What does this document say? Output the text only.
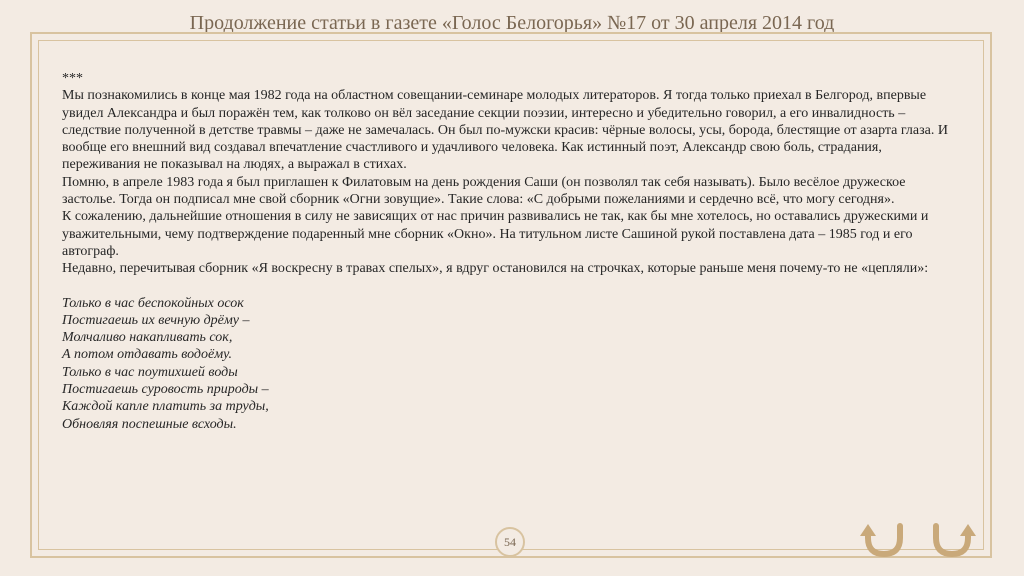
Продолжение статьи в газете «Голос Белогорья» №17 от 30 апреля 2014 год

***

Мы познакомились в конце мая 1982 года на областном совещании-семинаре молодых литераторов. Я тогда только приехал в Белгород, впервые увидел Александра и был поражён тем, как толково он вёл заседание секции поэзии, интересно и убедительно говорил, а его инвалидность – следствие полученной в детстве травмы – даже не замечалась. Он был по-мужски красив: чёрные волосы, усы, борода, блестящие от азарта глаза. И вообще его внешний вид создавал впечатление счастливого и удачливого человека. Как истинный поэт, Александр свою боль, страдания, переживания не показывал на людях, а выражал в стихах.

Помню, в апреле 1983 года я был приглашен к Филатовым на день рождения Саши (он позволял так себя называть). Было весёлое дружеское застолье. Тогда он подписал мне свой сборник «Огни зовущие». Такие слова: «С добрыми пожеланиями и сердечно всё, что могу сегодня».

К сожалению, дальнейшие отношения в силу не зависящих от нас причин развивались не так, как бы мне хотелось, но оставались дружескими и уважительными, чему подтверждение подаренный мне сборник «Окно». На титульном листе Сашиной рукой поставлена дата – 1985 год и его автограф.

Недавно, перечитывая сборник «Я воскресну в травах спелых», я вдруг остановился на строчках, которые раньше меня почему-то не «цепляли»:

Только в час беспокойных осок
Постигаешь их вечную дрёму –
Молчаливо накапливать сок,
А потом отдавать водоёму.
Только в час поутихшей воды
Постигаешь суровость природы –
Каждой капле платить за труды,
Обновляя поспешные всходы.
54
